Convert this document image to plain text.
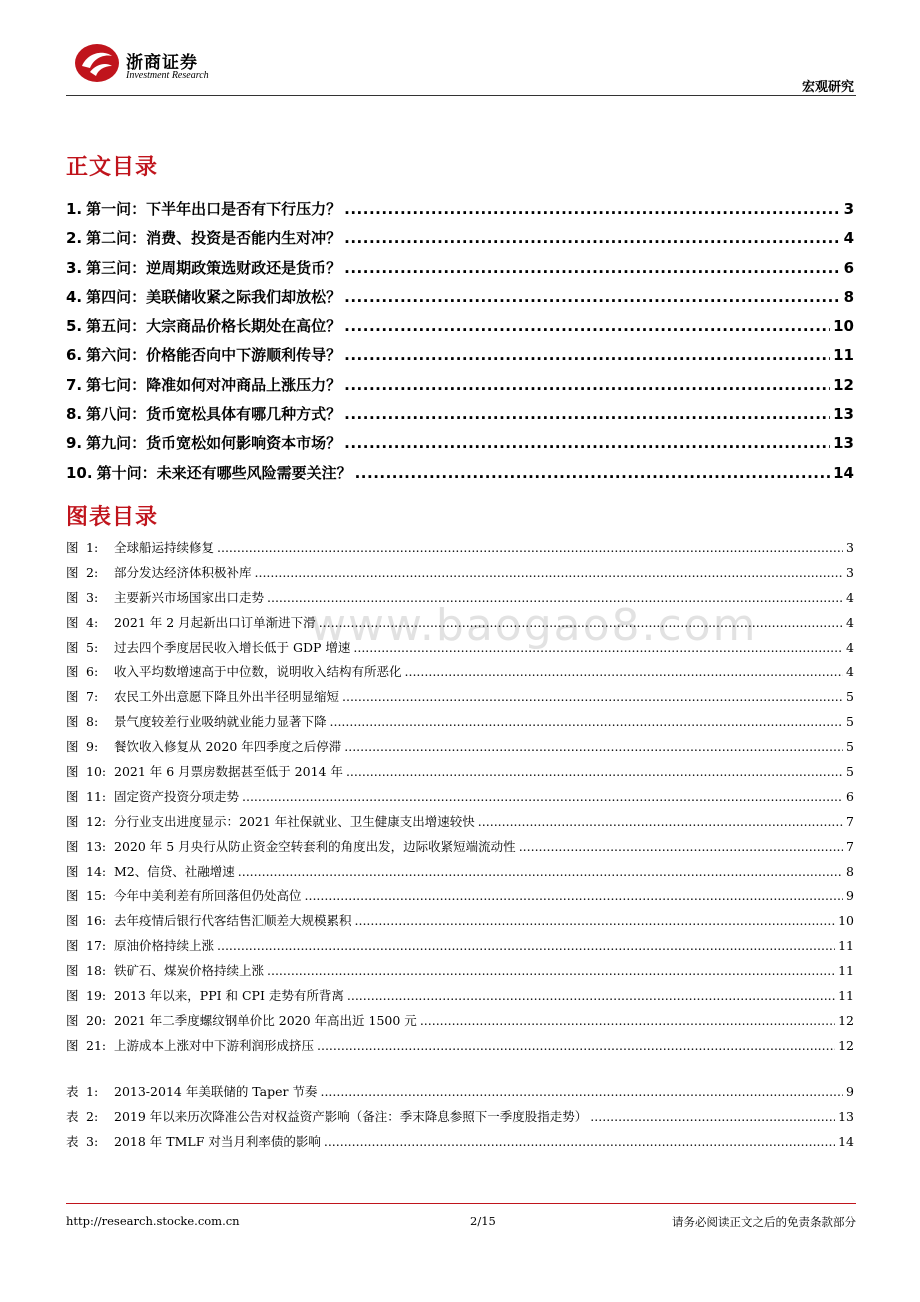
www.baogao8.com
浙商证券
Investment Research
宏观研究
正文目录
1. 第一问：下半年出口是否有下行压力？ .....	3
2. 第二问：消费、投资是否能内生对冲？ .....	4
3. 第三问：逆周期政策选财政还是货币？ .....	6
4. 第四问：美联储收紧之际我们却放松？ .....	8
5. 第五问：大宗商品价格长期处在高位？ .....	10
6. 第六问：价格能否向中下游顺利传导？ .....	11
7. 第七问：降准如何对冲商品上涨压力？ .....	12
8. 第八问：货币宽松具体有哪几种方式？ .....	13
9. 第九问：货币宽松如何影响资本市场？ .....	13
10. 第十问：未来还有哪些风险需要关注？ .....	14
图表目录
图 1:	全球船运持续修复 .....	3
图 2:	部分发达经济体积极补库 .....	3
图 3:	主要新兴市场国家出口走势 .....	4
图 4:	2021 年 2 月起新出口订单渐进下滑 .....	4
图 5:	过去四个季度居民收入增长低于 GDP 增速 .....	4
图 6:	收入平均数增速高于中位数，说明收入结构有所恶化 .....	4
图 7:	农民工外出意愿下降且外出半径明显缩短 .....	5
图 8:	景气度较差行业吸纳就业能力显著下降 .....	5
图 9:	餐饮收入修复从 2020 年四季度之后停滞 .....	5
图 10: 2021 年 6 月票房数据甚至低于 2014 年 .....	5
图 11: 固定资产投资分项走势 .....	6
图 12: 分行业支出进度显示：2021 年社保就业、卫生健康支出增速较快 .....	7
图 13: 2020 年 5 月央行从防止资金空转套利的角度出发，边际收紧短端流动性 .....	7
图 14: M2、信贷、社融增速 .....	8
图 15: 今年中美利差有所回落但仍处高位 .....	9
图 16: 去年疫情后银行代客结售汇顺差大规模累积 .....	10
图 17: 原油价格持续上涨 .....	11
图 18: 铁矿石、煤炭价格持续上涨 .....	11
图 19: 2013 年以来，PPI 和 CPI 走势有所背离 .....	11
图 20: 2021 年二季度螺纹钢单价比 2020 年高出近 1500 元 .....	12
图 21: 上游成本上涨对中下游利润形成挤压 .....	12
表 1:	2013-2014 年美联储的 Taper 节奏 .....	9
表 2:	2019 年以来历次降准公告对权益资产影响（备注：季末降息参照下一季度股指走势） .....	13
表 3:	2018 年 TMLF 对当月利率债的影响 .....	14
http://research.stocke.com.cn	2/15	请务必阅读正文之后的免责条款部分
